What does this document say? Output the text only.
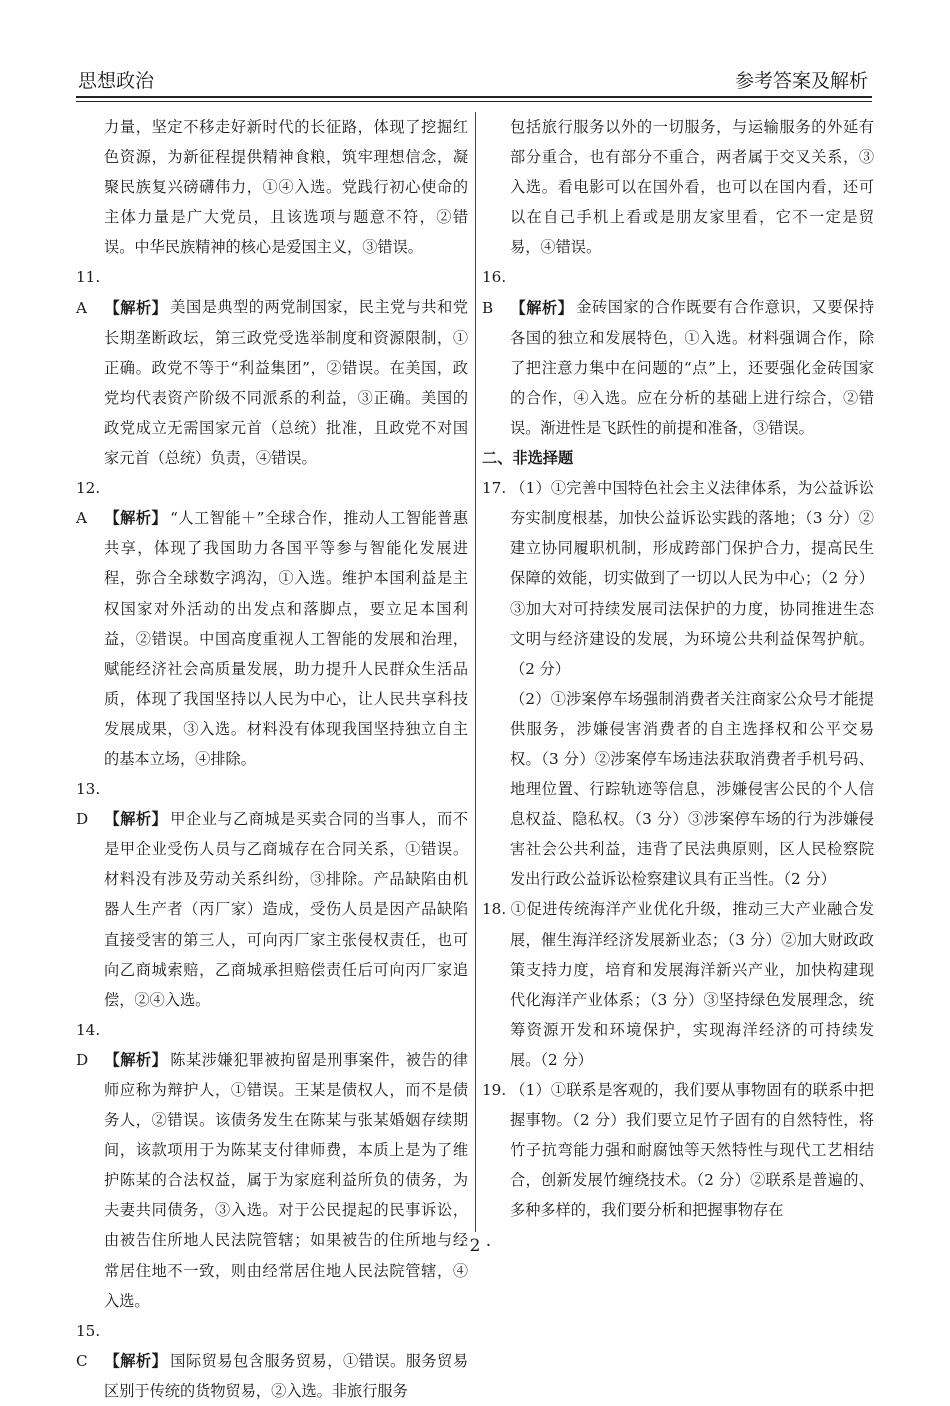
思想政治	参考答案及解析

力量，坚定不移走好新时代的长征路，体现了挖掘红色资源，为新征程提供精神食粮，筑牢理想信念，凝聚民族复兴磅礴伟力，①④入选。党践行初心使命的主体力量是广大党员，且该选项与题意不符，②错误。中华民族精神的核心是爱国主义，③错误。

11. A 【解析】 美国是典型的两党制国家，民主党与共和党长期垄断政坛，第三政党受选举制度和资源限制，①正确。政党不等于“利益集团”，②错误。在美国，政党均代表资产阶级不同派系的利益，③正确。美国的政党成立无需国家元首（总统）批准，且政党不对国家元首（总统）负责，④错误。

12. A 【解析】 “人工智能＋”全球合作，推动人工智能普惠共享，体现了我国助力各国平等参与智能化发展进程，弥合全球数字鸿沟，①入选。维护本国利益是主权国家对外活动的出发点和落脚点，要立足本国利益，②错误。中国高度重视人工智能的发展和治理，赋能经济社会高质量发展，助力提升人民群众生活品质，体现了我国坚持以人民为中心，让人民共享科技发展成果，③入选。材料没有体现我国坚持独立自主的基本立场，④排除。

13. D 【解析】 甲企业与乙商城是买卖合同的当事人，而不是甲企业受伤人员与乙商城存在合同关系，①错误。材料没有涉及劳动关系纠纷，③排除。产品缺陷由机器人生产者（丙厂家）造成，受伤人员是因产品缺陷直接受害的第三人，可向丙厂家主张侵权责任，也可向乙商城索赔，乙商城承担赔偿责任后可向丙厂家追偿，②④入选。

14. D 【解析】 陈某涉嫌犯罪被拘留是刑事案件，被告的律师应称为辩护人，①错误。王某是债权人，而不是债务人，②错误。该债务发生在陈某与张某婚姻存续期间，该款项用于为陈某支付律师费，本质上是为了维护陈某的合法权益，属于为家庭利益所负的债务，为夫妻共同债务，③入选。对于公民提起的民事诉讼，由被告住所地人民法院管辖；如果被告的住所地与经常居住地不一致，则由经常居住地人民法院管辖，④入选。

15. C 【解析】 国际贸易包含服务贸易，①错误。服务贸易区别于传统的货物贸易，②入选。非旅行服务

包括旅行服务以外的一切服务，与运输服务的外延有部分重合，也有部分不重合，两者属于交叉关系，③入选。看电影可以在国外看，也可以在国内看，还可以在自己手机上看或是朋友家里看，它不一定是贸易，④错误。

16. B 【解析】 金砖国家的合作既要有合作意识，又要保持各国的独立和发展特色，①入选。材料强调合作，除了把注意力集中在问题的“点”上，还要强化金砖国家的合作，④入选。应在分析的基础上进行综合，②错误。渐进性是飞跃性的前提和准备，③错误。

二、非选择题

17. （1）①完善中国特色社会主义法律体系，为公益诉讼夯实制度根基，加快公益诉讼实践的落地；（3 分）②建立协同履职机制，形成跨部门保护合力，提高民生保障的效能，切实做到了一切以人民为中心；（2 分）③加大对可持续发展司法保护的力度，协同推进生态文明与经济建设的发展，为环境公共利益保驾护航。（2 分）

（2）①涉案停车场强制消费者关注商家公众号才能提供服务，涉嫌侵害消费者的自主选择权和公平交易权。（3 分）②涉案停车场违法获取消费者手机号码、地理位置、行踪轨迹等信息，涉嫌侵害公民的个人信息权益、隐私权。（3 分）③涉案停车场的行为涉嫌侵害社会公共利益，违背了民法典原则，区人民检察院发出行政公益诉讼检察建议具有正当性。（2 分）

18. ①促进传统海洋产业优化升级，推动三大产业融合发展，催生海洋经济发展新业态；（3 分）②加大财政政策支持力度，培育和发展海洋新兴产业，加快构建现代化海洋产业体系；（3 分）③坚持绿色发展理念，统筹资源开发和环境保护，实现海洋经济的可持续发展。（2 分）

19. （1）①联系是客观的，我们要从事物固有的联系中把握事物。（2 分）我们要立足竹子固有的自然特性，将竹子抗弯能力强和耐腐蚀等天然特性与现代工艺相结合，创新发展竹缠绕技术。（2 分）②联系是普遍的、多种多样的，我们要分析和把握事物存在

· 2 ·
